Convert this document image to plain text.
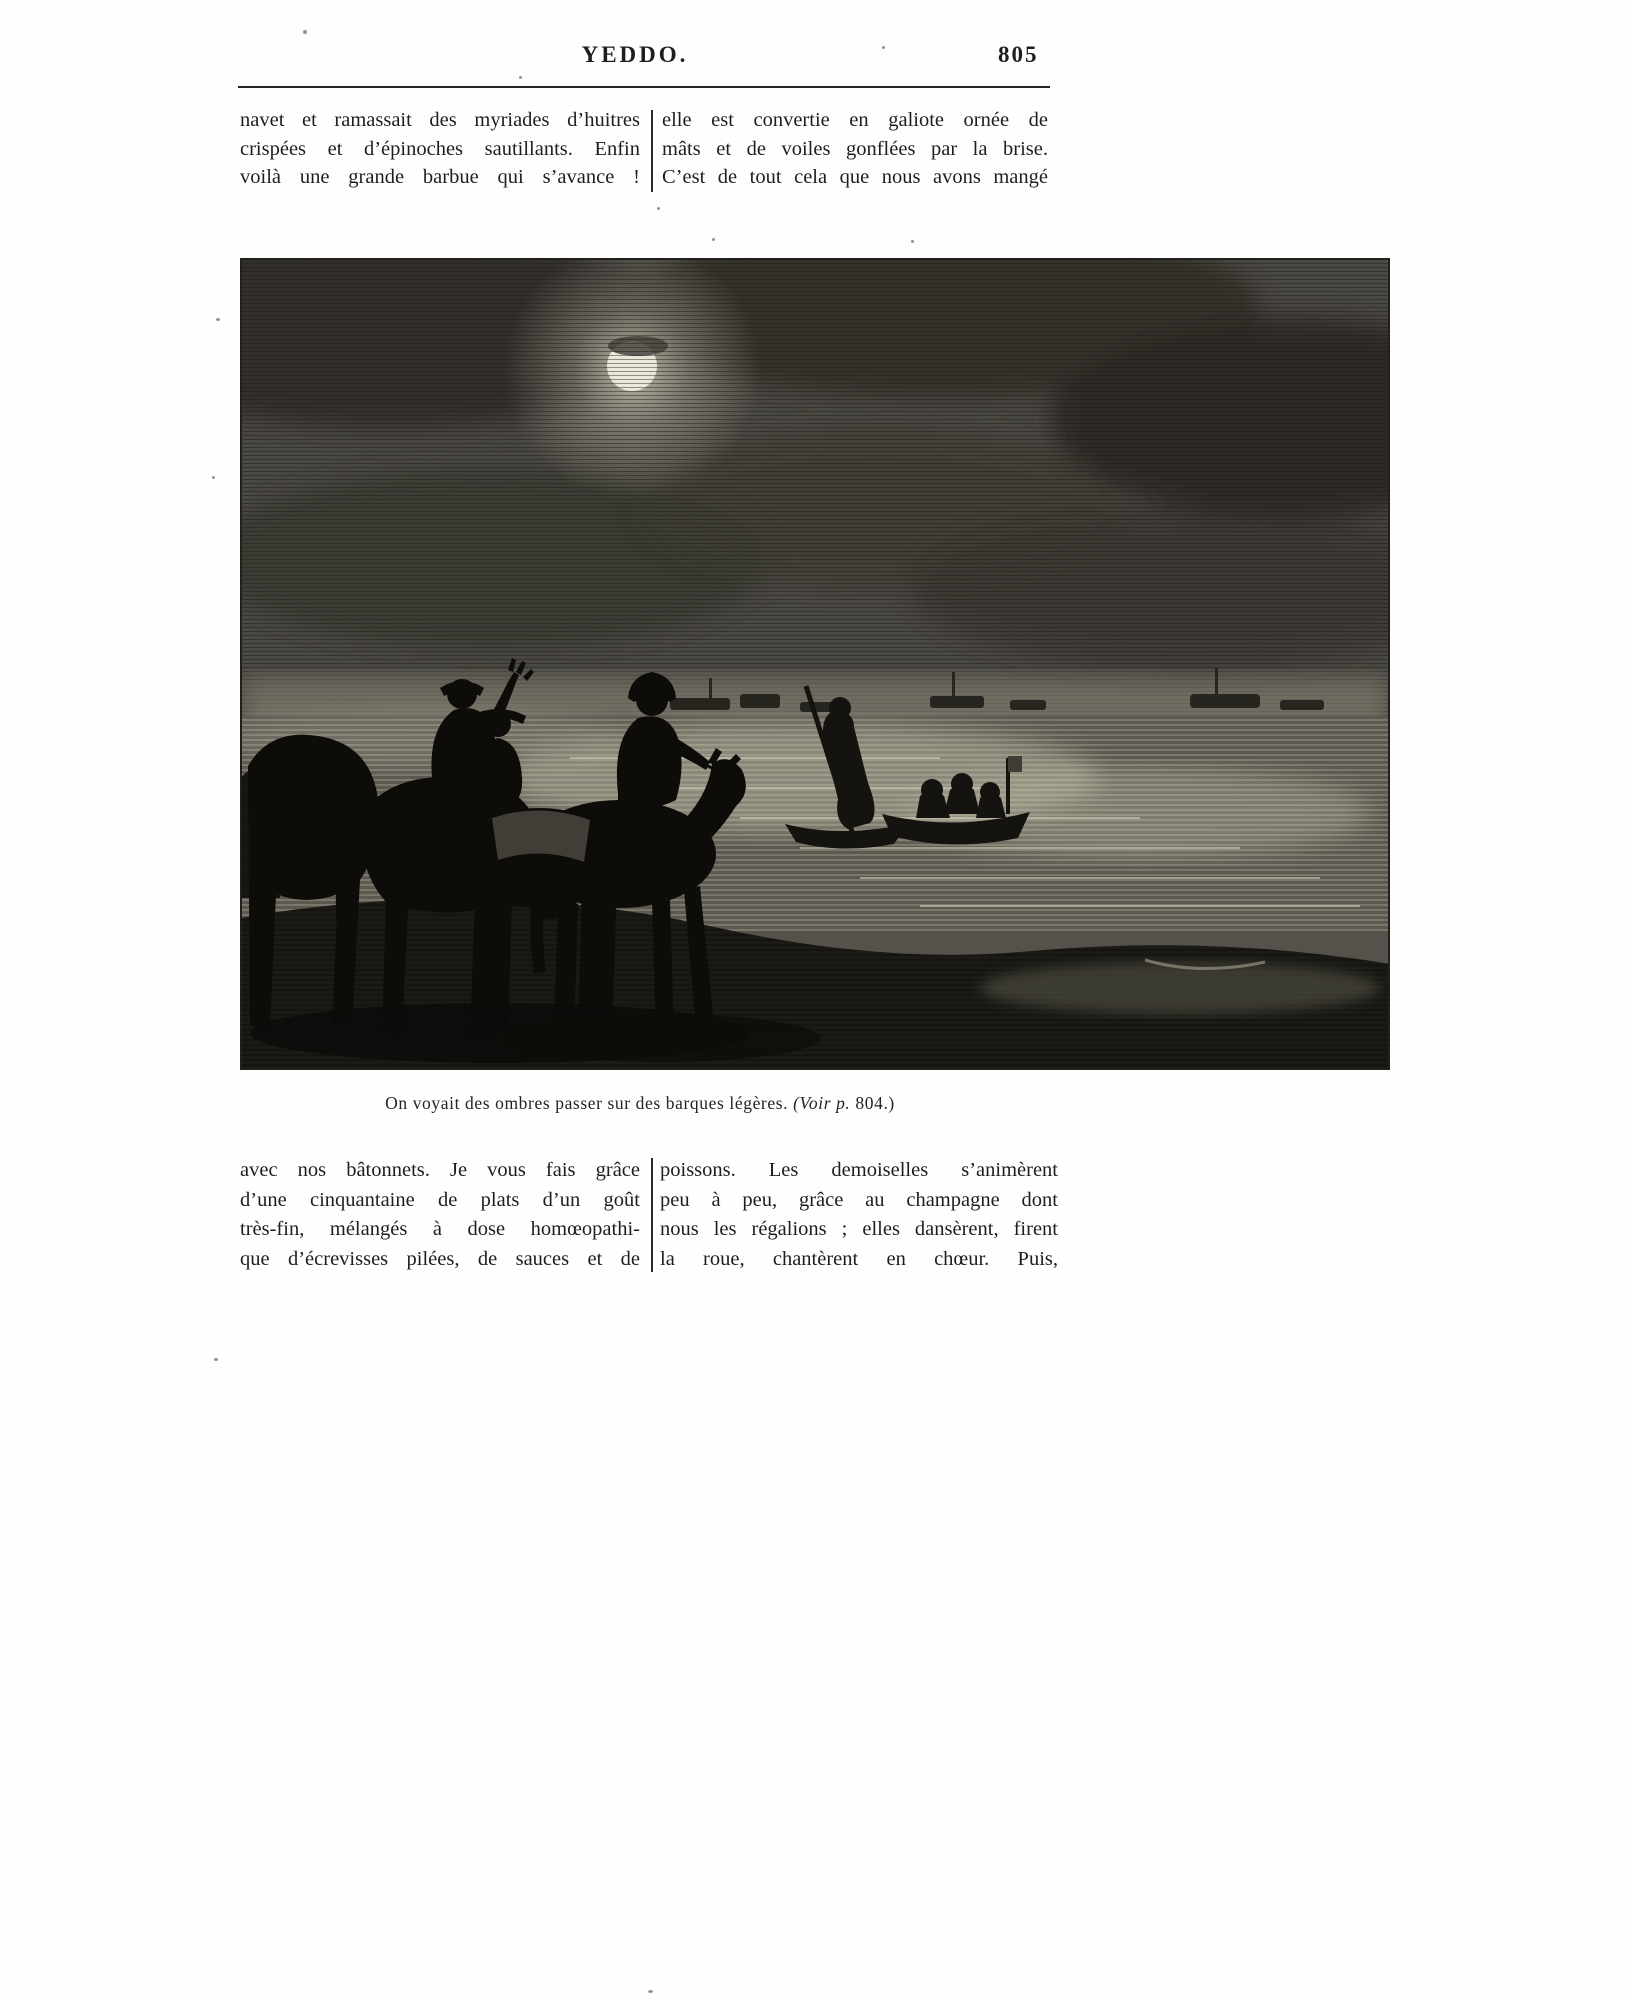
YEDDO.	805
navet et ramassait des myriades d’huitres
crispées et d’épinoches sautillants. Enfin
voilà une grande barbue qui s’avance !
elle est convertie en galiote ornée de
mâts et de voiles gonflées par la brise.
C’est de tout cela que nous avons mangé
On voyait des ombres passer sur des barques légères. (Voir p. 804.)
avec nos bâtonnets. Je vous fais grâce
d’une cinquantaine de plats d’un goût
très-fin, mélangés à dose homœopathi-
que d’écrevisses pilées, de sauces et de
poissons. Les demoiselles s’animèrent
peu à peu, grâce au champagne dont
nous les régalions ; elles dansèrent, firent
la roue, chantèrent en chœur. Puis,
